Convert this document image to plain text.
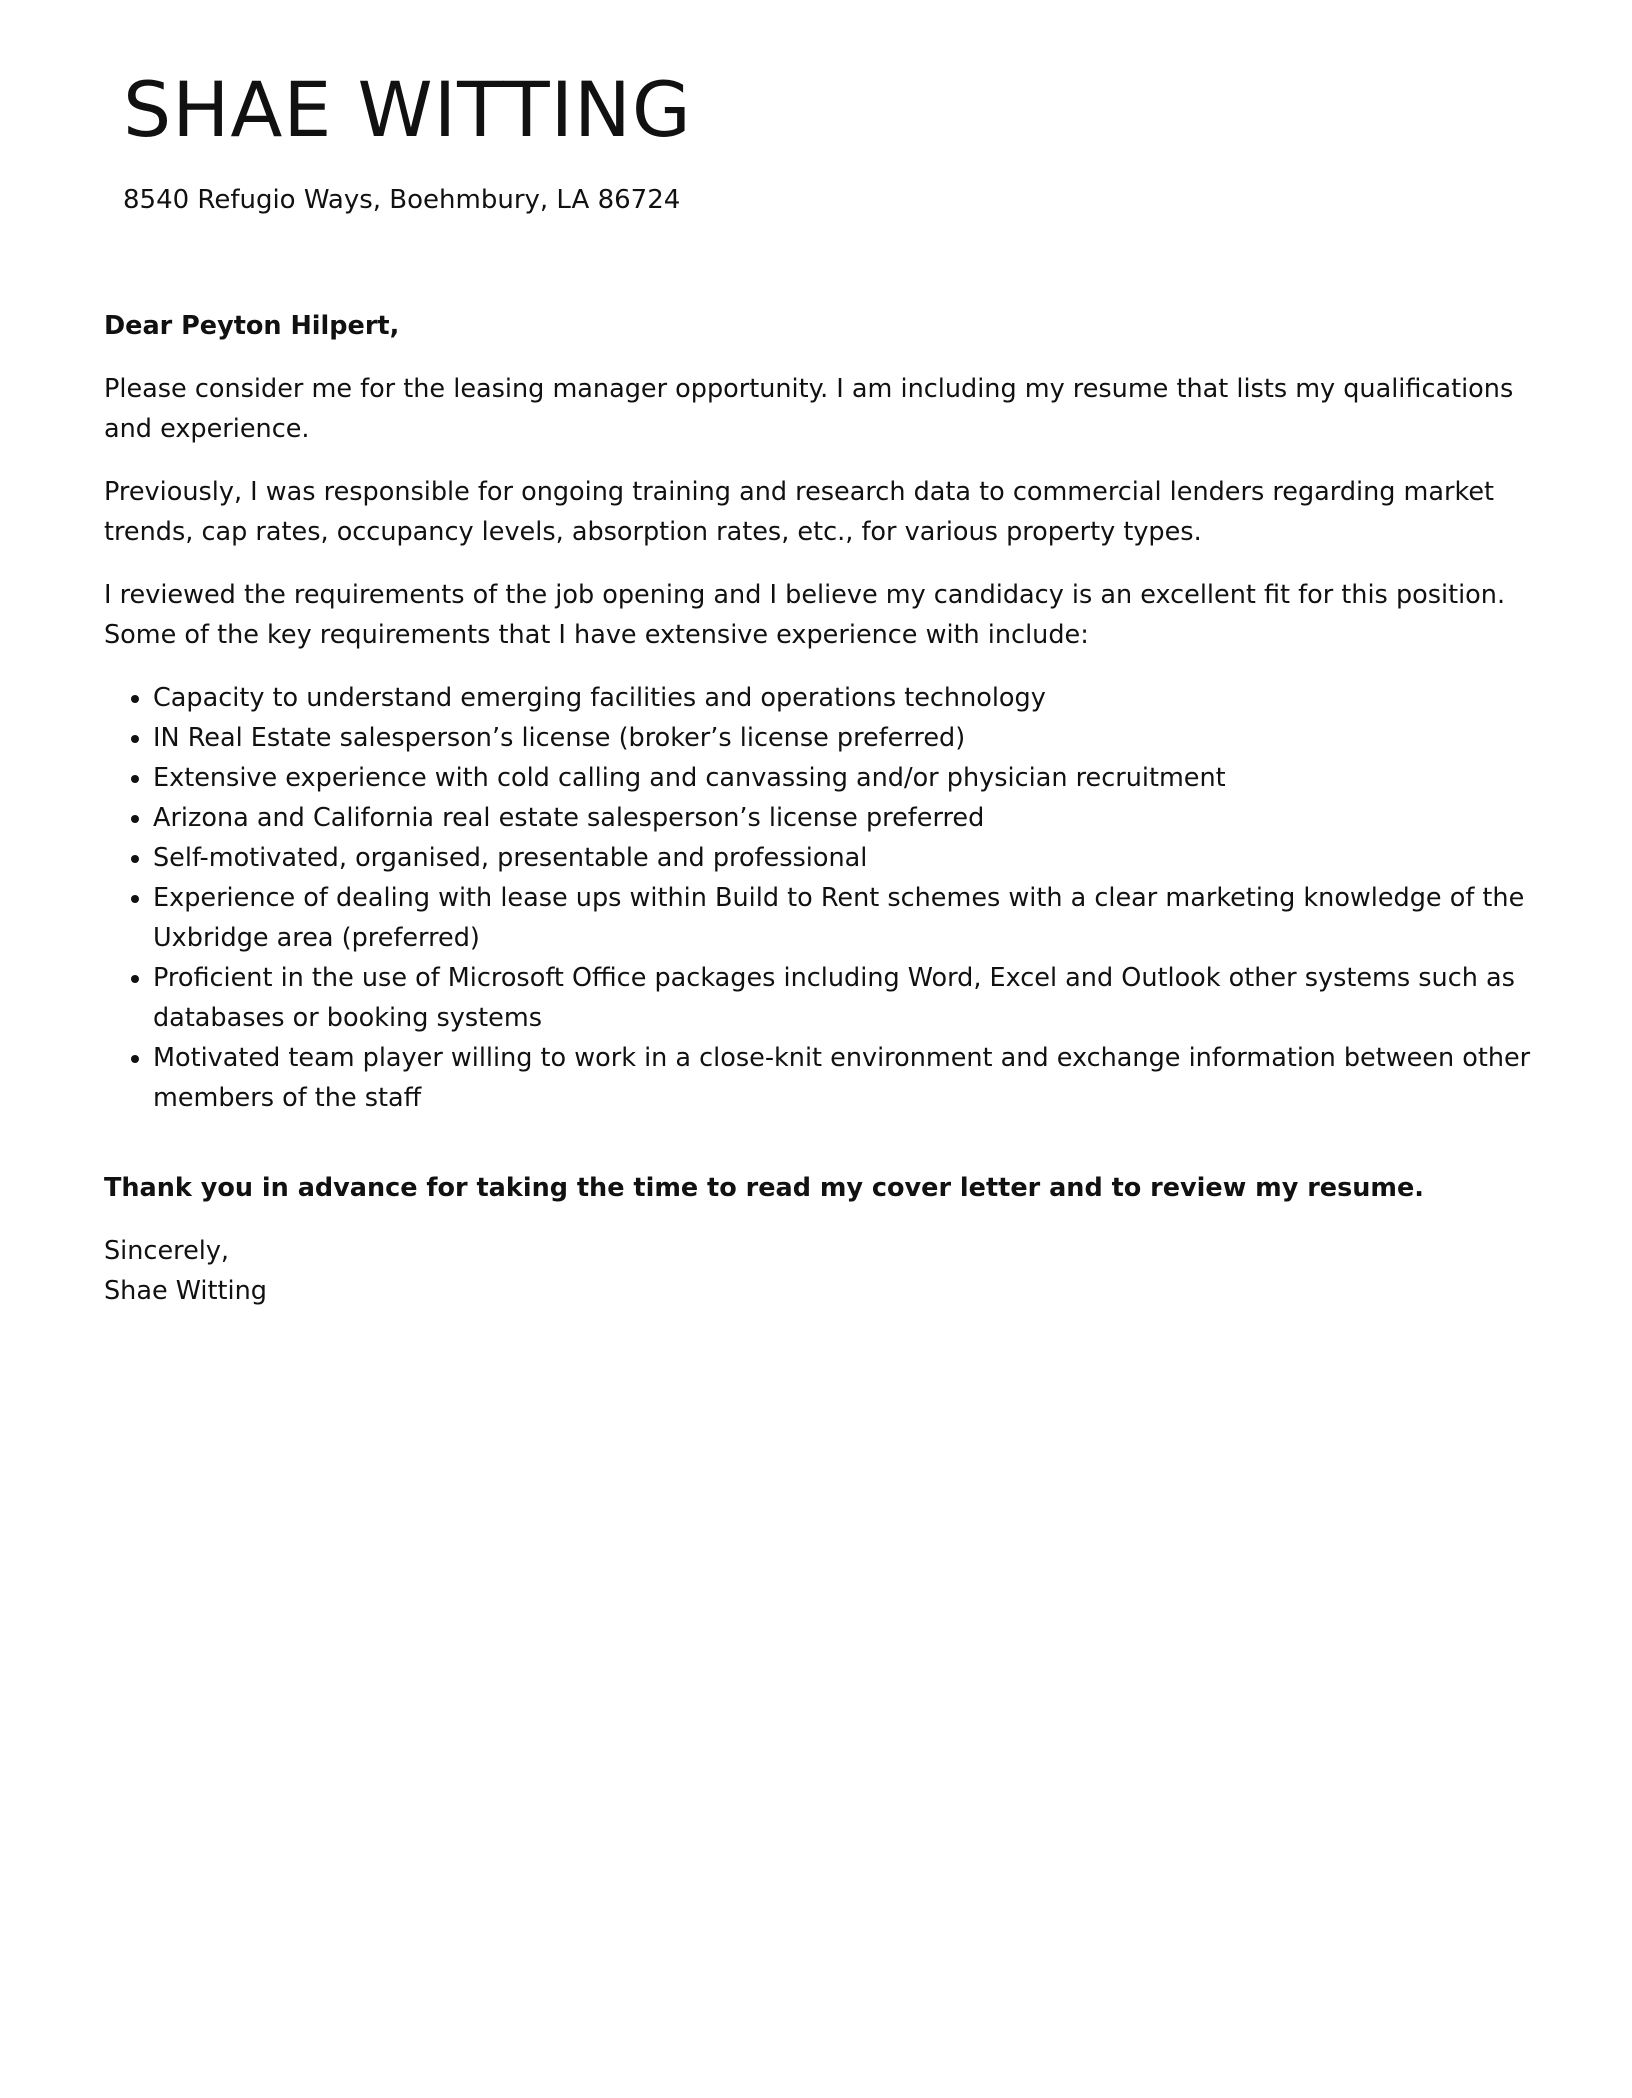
SHAE WITTING
8540 Refugio Ways, Boehmbury, LA 86724

Dear Peyton Hilpert,

Please consider me for the leasing manager opportunity. I am including my resume that lists my qualifications and experience.

Previously, I was responsible for ongoing training and research data to commercial lenders regarding market trends, cap rates, occupancy levels, absorption rates, etc., for various property types.

I reviewed the requirements of the job opening and I believe my candidacy is an excellent fit for this position. Some of the key requirements that I have extensive experience with include:

• Capacity to understand emerging facilities and operations technology
• IN Real Estate salesperson’s license (broker’s license preferred)
• Extensive experience with cold calling and canvassing and/or physician recruitment
• Arizona and California real estate salesperson’s license preferred
• Self-motivated, organised, presentable and professional
• Experience of dealing with lease ups within Build to Rent schemes with a clear marketing knowledge of the Uxbridge area (preferred)
• Proficient in the use of Microsoft Office packages including Word, Excel and Outlook other systems such as databases or booking systems
• Motivated team player willing to work in a close-knit environment and exchange information between other members of the staff

Thank you in advance for taking the time to read my cover letter and to review my resume.

Sincerely,
Shae Witting
